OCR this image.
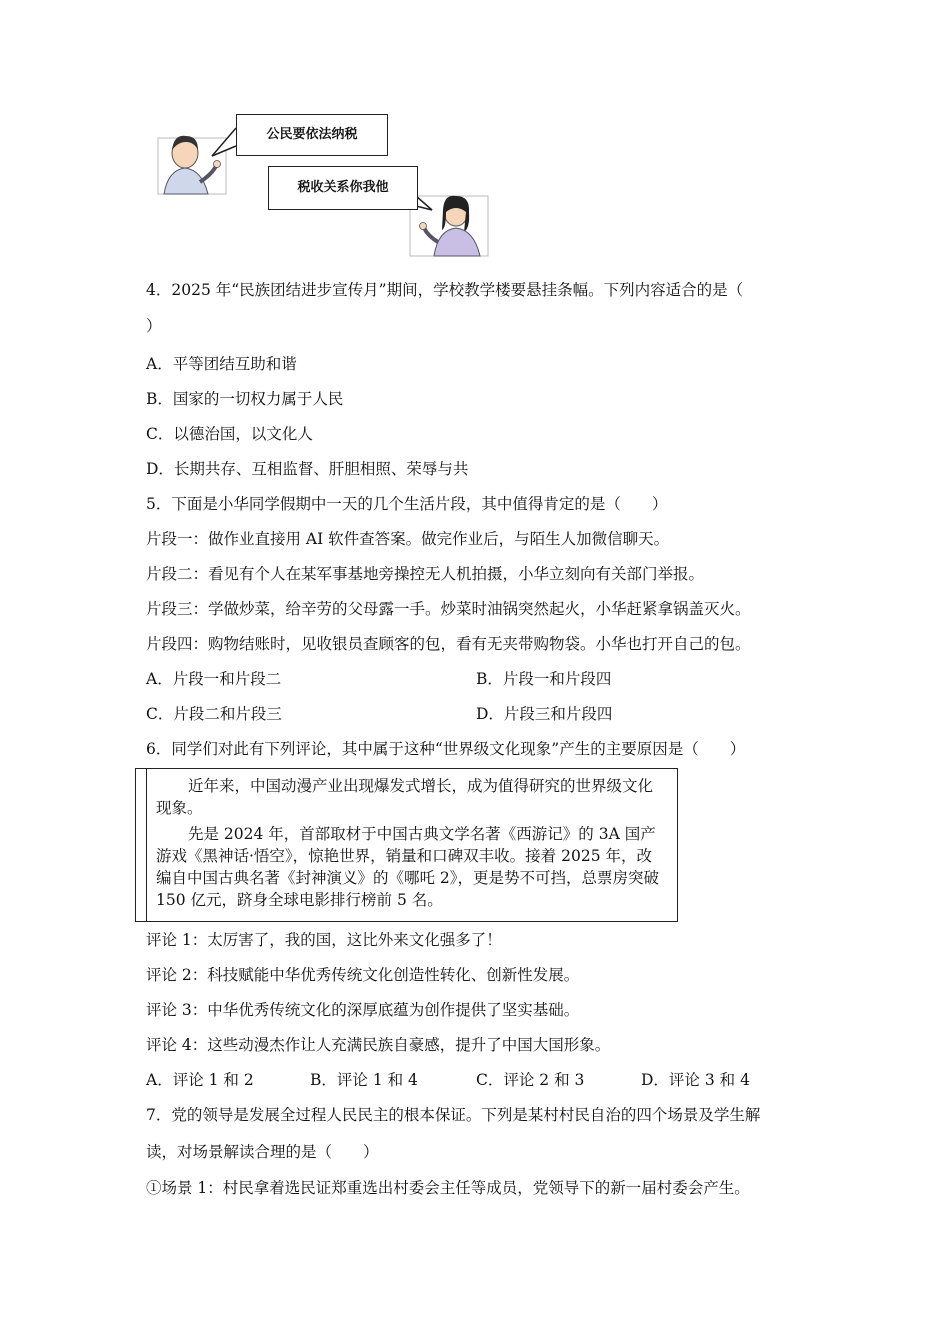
公民要依法纳税
税收关系你我他
4．2025 年“民族团结进步宣传月”期间，学校教学楼要悬挂条幅。下列内容适合的是（
）
A．平等团结互助和谐
B．国家的一切权力属于人民
C．以德治国，以文化人
D．长期共存、互相监督、肝胆相照、荣辱与共
5．下面是小华同学假期中一天的几个生活片段，其中值得肯定的是（　　）
片段一：做作业直接用 AI 软件查答案。做完作业后，与陌生人加微信聊天。
片段二：看见有个人在某军事基地旁操控无人机拍摄，小华立刻向有关部门举报。
片段三：学做炒菜，给辛劳的父母露一手。炒菜时油锅突然起火，小华赶紧拿锅盖灭火。
片段四：购物结账时，见收银员查顾客的包，看有无夹带购物袋。小华也打开自己的包。
A．片段一和片段二	B．片段一和片段四
C．片段二和片段三	D．片段三和片段四
6．同学们对此有下列评论，其中属于这种“世界级文化现象”产生的主要原因是（　　）
近年来，中国动漫产业出现爆发式增长，成为值得研究的世界级文化现象。
先是 2024 年，首部取材于中国古典文学名著《西游记》的 3A 国产游戏《黑神话·悟空》，惊艳世界，销量和口碑双丰收。接着 2025 年，改编自中国古典名著《封神演义》的《哪吒 2》，更是势不可挡，总票房突破 150 亿元，跻身全球电影排行榜前 5 名。
评论 1：太厉害了，我的国，这比外来文化强多了！
评论 2：科技赋能中华优秀传统文化创造性转化、创新性发展。
评论 3：中华优秀传统文化的深厚底蕴为创作提供了坚实基础。
评论 4：这些动漫杰作让人充满民族自豪感，提升了中国大国形象。
A．评论 1 和 2	B．评论 1 和 4	C．评论 2 和 3	D．评论 3 和 4
7．党的领导是发展全过程人民民主的根本保证。下列是某村村民自治的四个场景及学生解
读，对场景解读合理的是（　　）
①场景 1：村民拿着选民证郑重选出村委会主任等成员，党领导下的新一届村委会产生。
